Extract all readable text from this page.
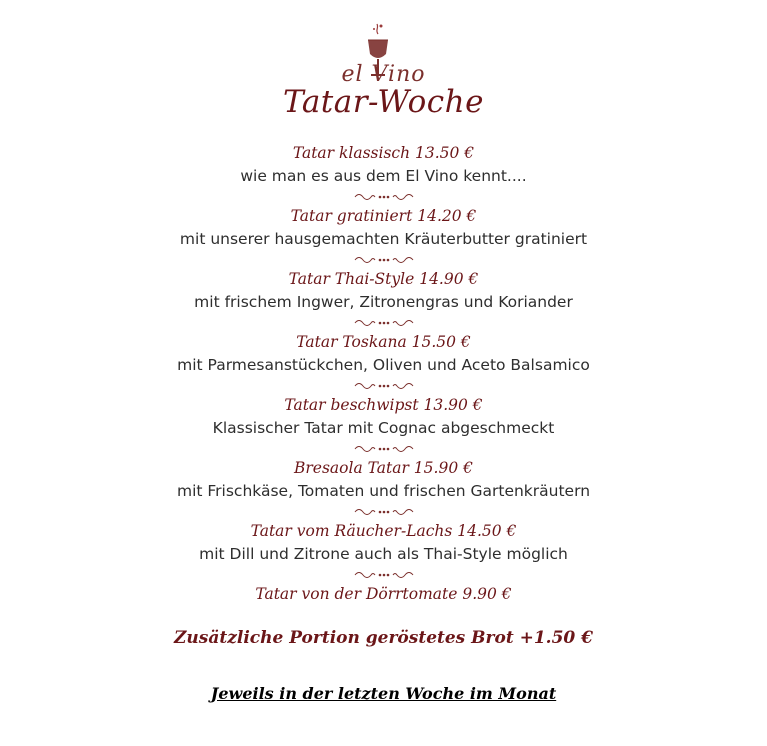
el Vino
Tatar-Woche
Tatar klassisch 13.50 €
wie man es aus dem El Vino kennt....
Tatar gratiniert 14.20 €
mit unserer hausgemachten Kräuterbutter gratiniert
Tatar Thai-Style 14.90 €
mit frischem Ingwer, Zitronengras und Koriander
Tatar Toskana 15.50 €
mit Parmesanstückchen, Oliven und Aceto Balsamico
Tatar beschwipst 13.90 €
Klassischer Tatar mit Cognac abgeschmeckt
Bresaola Tatar 15.90 €
mit Frischkäse, Tomaten und frischen Gartenkräutern
Tatar vom Räucher-Lachs 14.50 €
mit Dill und Zitrone auch als Thai-Style möglich
Tatar von der Dörrtomate 9.90 €
Zusätzliche Portion geröstetes Brot +1.50 €
Jeweils in der letzten Woche im Monat
